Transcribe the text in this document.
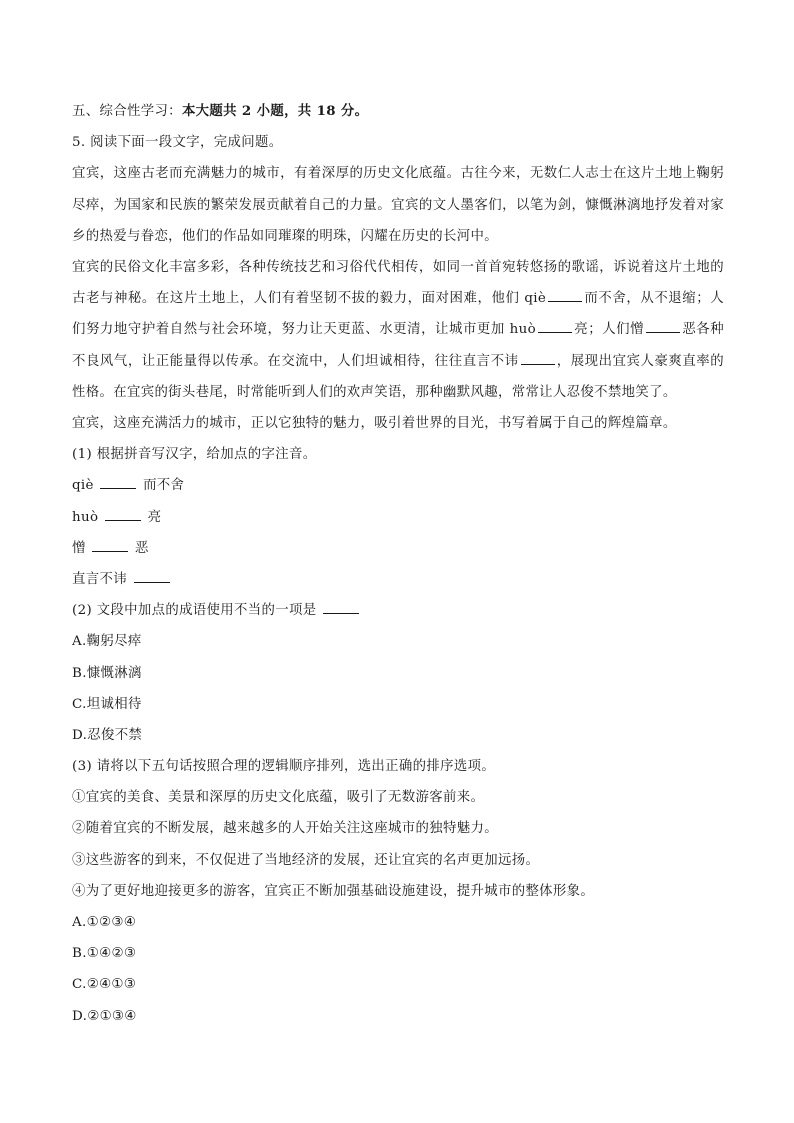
五、综合性学习：本大题共 2 小题，共 18 分。
5. 阅读下面一段文字，完成问题。
宜宾，这座古老而充满魅力的城市，有着深厚的历史文化底蕴。古往今来，无数仁人志士在这片土地上鞠躬尽瘁，为国家和民族的繁荣发展贡献着自己的力量。宜宾的文人墨客们，以笔为剑，慷慨淋漓地抒发着对家乡的热爱与眷恋，他们的作品如同璀璨的明珠，闪耀在历史的长河中。
宜宾的民俗文化丰富多彩，各种传统技艺和习俗代代相传，如同一首首宛转悠扬的歌谣，诉说着这片土地的古老与神秘。在这片土地上，人们有着坚韧不拔的毅力，面对困难，他们 qiè	而不舍，从不退缩；人们努力地守护着自然与社会环境，努力让天更蓝、水更清，让城市更加 huò	亮；人们憎	恶各种不良风气，让正能量得以传承。在交流中，人们坦诚相待，往往直言不讳	，展现出宜宾人豪爽直率的性格。在宜宾的街头巷尾，时常能听到人们的欢声笑语，那种幽默风趣，常常让人忍俊不禁地笑了。
宜宾，这座充满活力的城市，正以它独特的魅力，吸引着世界的目光，书写着属于自己的辉煌篇章。
(1) 根据拼音写汉字，给加点的字注音。
qiè	而不舍
huò	亮
憎	恶
直言不讳
(2) 文段中加点的成语使用不当的一项是
A.鞠躬尽瘁
B.慷慨淋漓
C.坦诚相待
D.忍俊不禁
(3) 请将以下五句话按照合理的逻辑顺序排列，选出正确的排序选项。
①宜宾的美食、美景和深厚的历史文化底蕴，吸引了无数游客前来。
②随着宜宾的不断发展，越来越多的人开始关注这座城市的独特魅力。
③这些游客的到来，不仅促进了当地经济的发展，还让宜宾的名声更加远扬。
④为了更好地迎接更多的游客，宜宾正不断加强基础设施建设，提升城市的整体形象。
A.①②③④
B.①④②③
C.②④①③
D.②①③④
